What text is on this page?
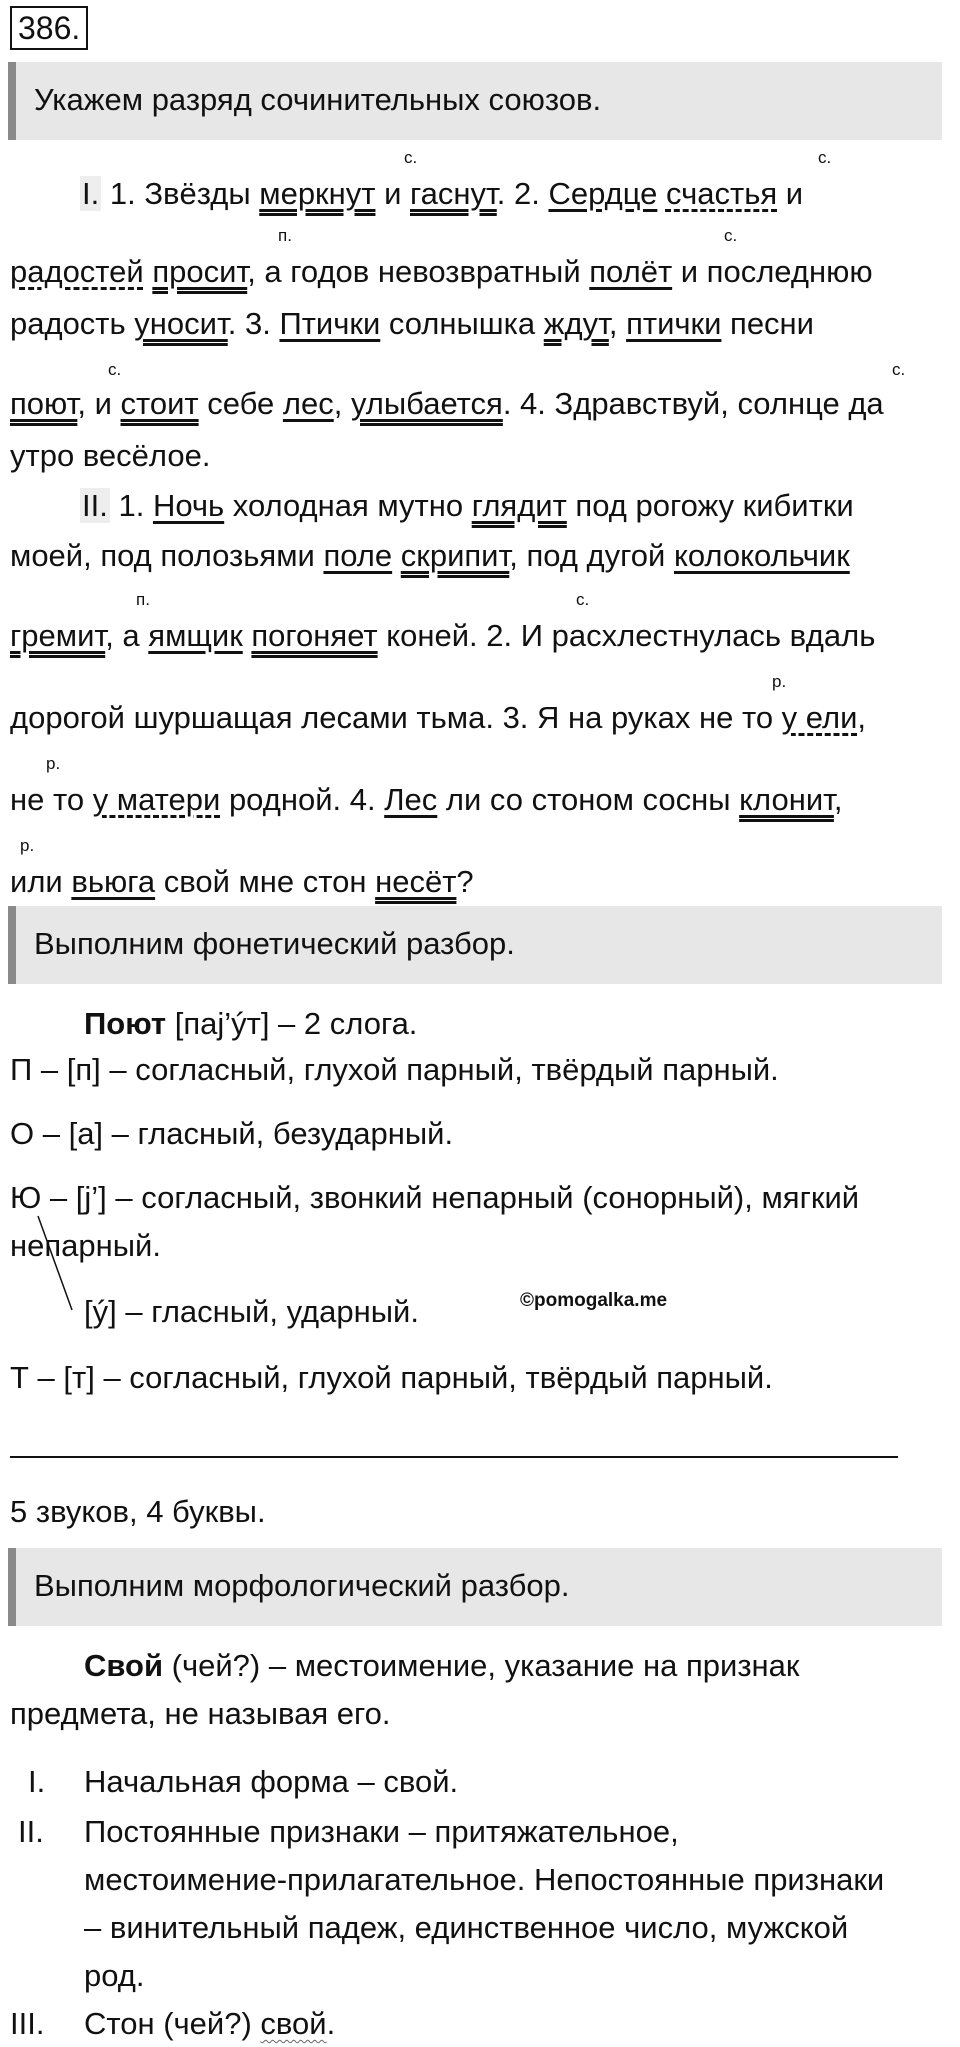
386.
Укажем разряд сочинительных союзов.
с.	с.
п.	с.
с.	с.
I. 1. Звёзды меркнут и гаснут. 2. Сердце счастья и
радостей просит, а годов невозвратный полёт и последнюю
радость уносит. 3. Птички солнышка ждут, птички песни
поют, и стоит себе лес, улыбается. 4. Здравствуй, солнце да
утро весёлое.
II. 1. Ночь холодная мутно глядит под рогожу кибитки
моей, под полозьями поле скрипит, под дугой колокольчик
п.	с.
гремит, а ямщик погоняет коней. 2. И расхлестнулась вдаль
р.
дорогой шуршащая лесами тьма. 3. Я на руках не то у ели,
р.
не то у матери родной. 4. Лес ли со стоном сосны клонит,
р.
или вьюга свой мне стон несёт?
Выполним фонетический разбор.
Поют [паj’ýт] – 2 слога.
П – [п] – согласный, глухой парный, твёрдый парный.
О – [а] – гласный, безударный.
Ю – [j’] – согласный, звонкий непарный (сонорный), мягкий
непарный.
[ý] – гласный, ударный.	©pomogalka.me
Т – [т] – согласный, глухой парный, твёрдый парный.
5 звуков, 4 буквы.
Выполним морфологический разбор.
Свой (чей?) – местоимение, указание на признак
предмета, не называя его.
I. Начальная форма – свой.
II. Постоянные признаки – притяжательное,
местоимение-прилагательное. Непостоянные признаки
– винительный падеж, единственное число, мужской
род.
III. Стон (чей?) свой.
